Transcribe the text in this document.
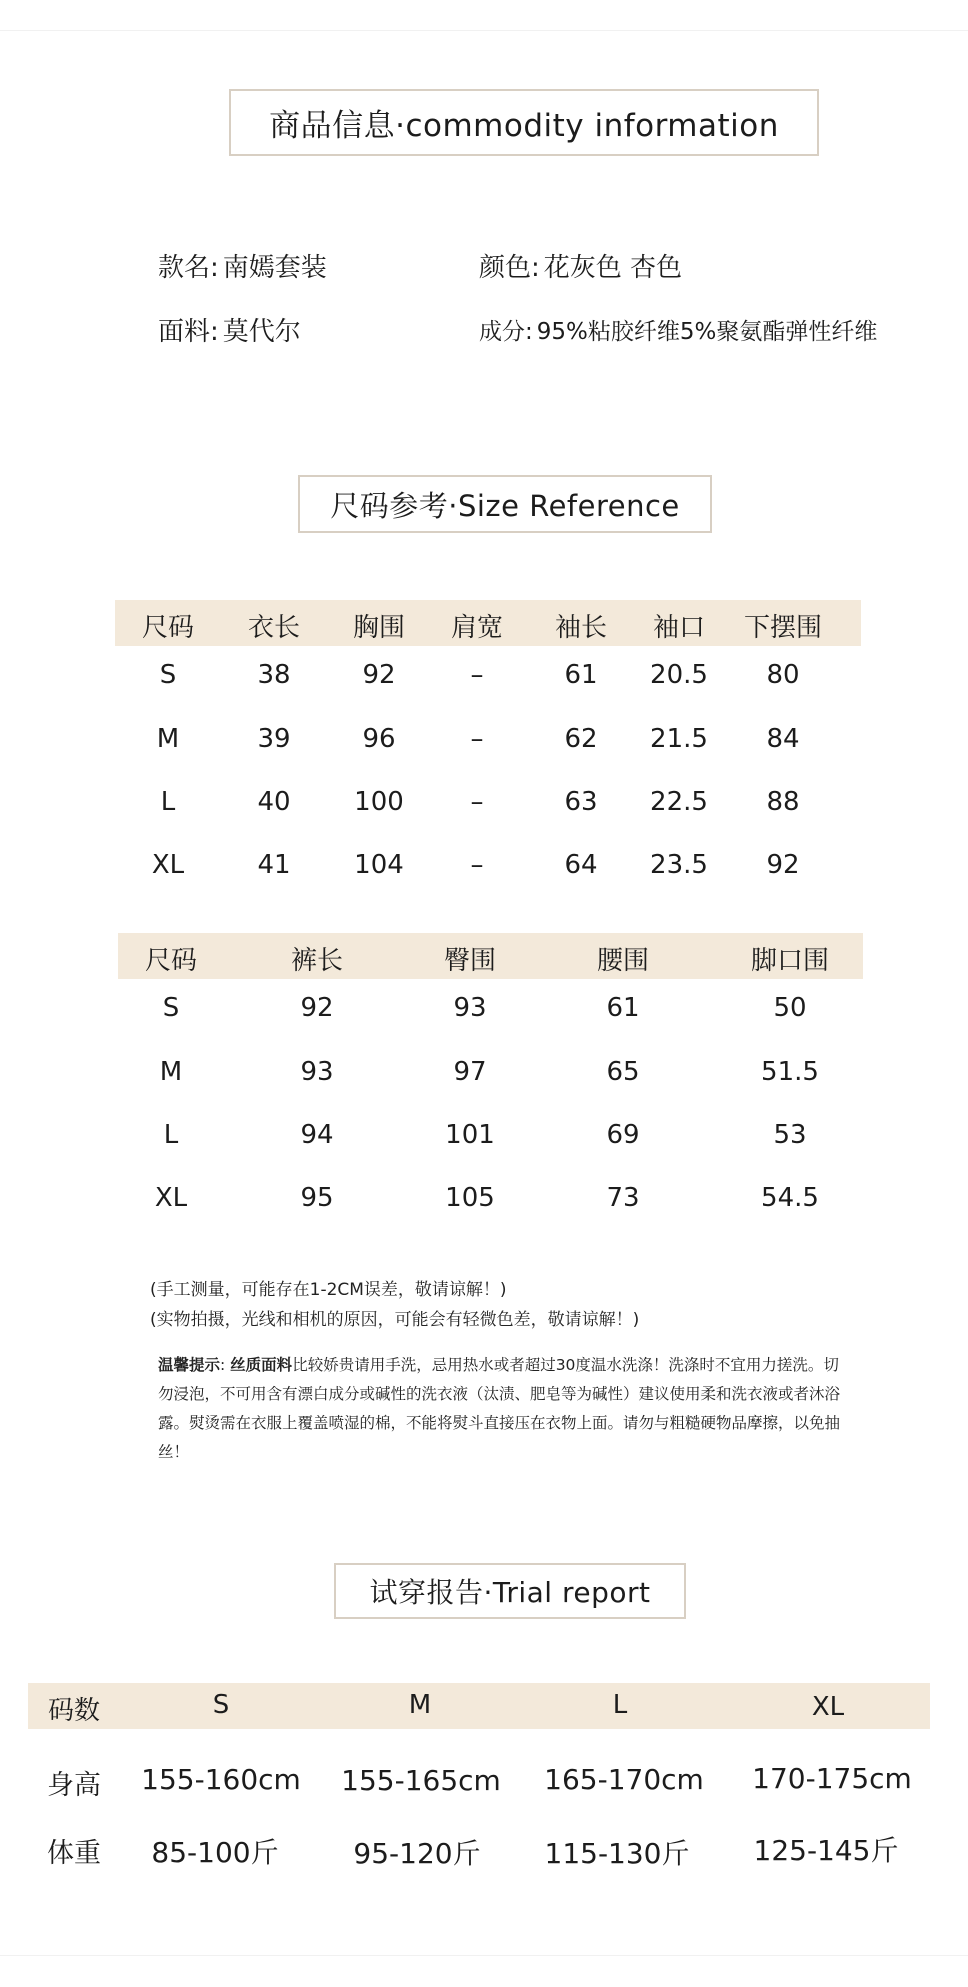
商品信息·commodity information
款名: 南嫣套装	颜色: 花灰色 杏色
面料: 莫代尔	成分: 95%粘胶纤维5%聚氨酯弹性纤维
尺码参考·Size Reference
尺码 衣长 胸围 肩宽 袖长 袖口 下摆围
S	38	92	–	61 20.5 80
M	39	96	–	62 21.5 84
L	40 100	–	63 22.5 88
XL	41 104	–	64 23.5 92
尺码	裤长	臀围	腰围	脚口围
S	92	93	61	50
M	93	97	65	51.5
L	94	101	69	53
XL	95	105	73	54.5
(手工测量，可能存在1-2CM误差，敬请谅解！)
(实物拍摄，光线和相机的原因，可能会有轻微色差，敬请谅解！)
温馨提示: 丝质面料比较娇贵请用手洗，忌用热水或者超过30度温水洗涤！洗涤时不宜用力搓洗。切勿浸泡，不可用含有漂白成分或碱性的洗衣液（汰渍、肥皂等为碱性）建议使用柔和洗衣液或者沐浴露。熨烫需在衣服上覆盖喷湿的棉，不能将熨斗直接压在衣物上面。请勿与粗糙硬物品摩擦，以免抽丝！
试穿报告·Trial report
码数	S	M	L	XL
身高 155-160cm 155-165cm 165-170cm 170-175cm
体重 85-100斤	95-120斤 115-130斤 125-145斤
